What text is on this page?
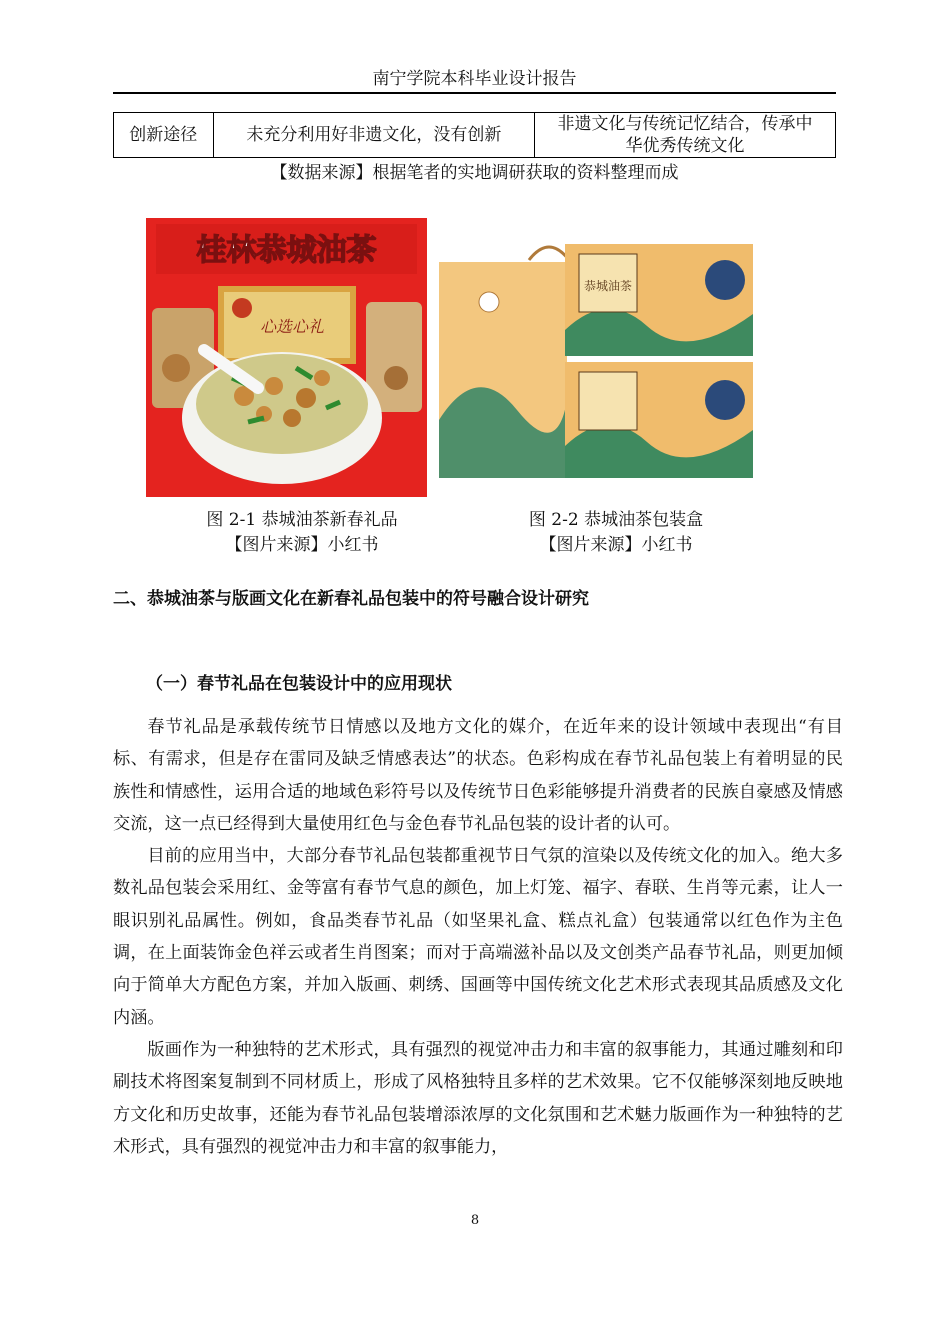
南宁学院本科毕业设计报告
创新途径	未充分利用好非遗文化，没有创新	非遗文化与传统记忆结合，传承中华优秀传统文化
【数据来源】根据笔者的实地调研获取的资料整理而成
桂林恭城油茶
心选心礼
恭城油茶
图 2-1 恭城油茶新春礼品
【图片来源】小红书
图 2-2 恭城油茶包装盒
【图片来源】小红书
二、恭城油茶与版画文化在新春礼品包装中的符号融合设计研究
（一）春节礼品在包装设计中的应用现状

春节礼品是承载传统节日情感以及地方文化的媒介，在近年来的设计领域中表现出“有目标、有需求，但是存在雷同及缺乏情感表达”的状态。色彩构成在春节礼品包装上有着明显的民族性和情感性，运用合适的地域色彩符号以及传统节日色彩能够提升消费者的民族自豪感及情感交流，这一点已经得到大量使用红色与金色春节礼品包装的设计者的认可。

目前的应用当中，大部分春节礼品包装都重视节日气氛的渲染以及传统文化的加入。绝大多数礼品包装会采用红、金等富有春节气息的颜色，加上灯笼、福字、春联、生肖等元素，让人一眼识别礼品属性。例如，食品类春节礼品（如坚果礼盒、糕点礼盒）包装通常以红色作为主色调，在上面装饰金色祥云或者生肖图案；而对于高端滋补品以及文创类产品春节礼品，则更加倾向于简单大方配色方案，并加入版画、刺绣、国画等中国传统文化艺术形式表现其品质感及文化内涵。

版画作为一种独特的艺术形式，具有强烈的视觉冲击力和丰富的叙事能力，其通过雕刻和印刷技术将图案复制到不同材质上，形成了风格独特且多样的艺术效果。它不仅能够深刻地反映地方文化和历史故事，还能为春节礼品包装增添浓厚的文化氛围和艺术魅力版画作为一种独特的艺术形式，具有强烈的视觉冲击力和丰富的叙事能力，

8
